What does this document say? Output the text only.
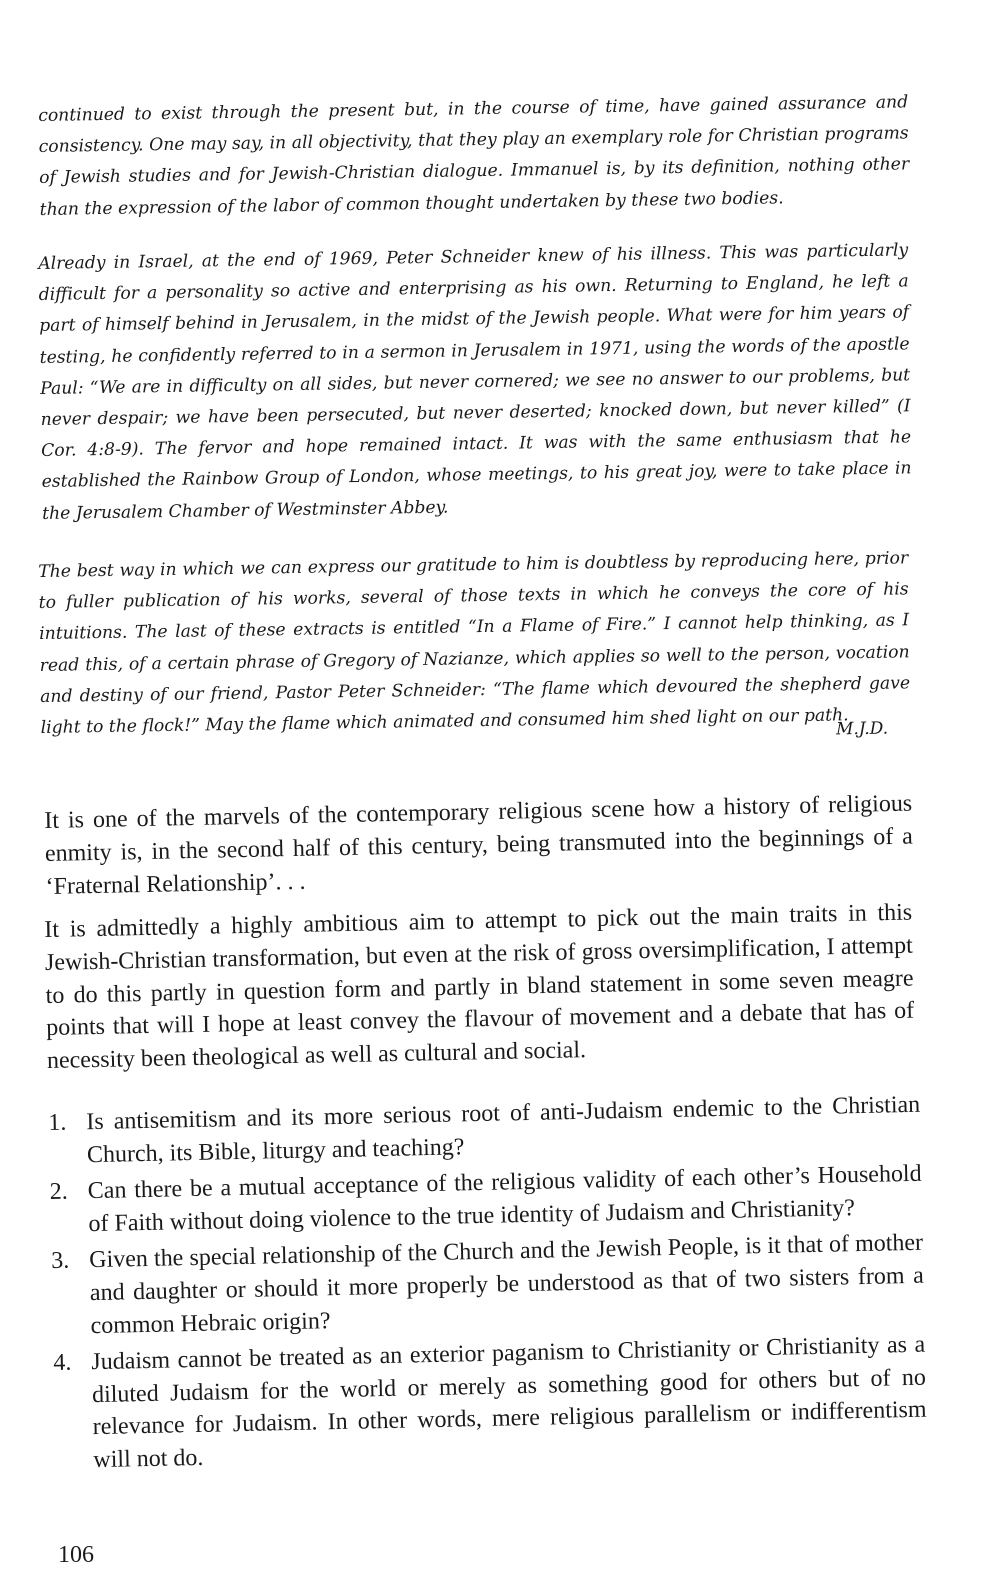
continued to exist through the present but, in the course of time, have gained assurance and consistency. One may say, in all objectivity, that they play an exemplary role for Christian programs of Jewish studies and for Jewish-Christian dialogue. Immanuel is, by its definition, nothing other than the expression of the labor of common thought undertaken by these two bodies.

Already in Israel, at the end of 1969, Peter Schneider knew of his illness. This was particularly difficult for a personality so active and enterprising as his own. Returning to England, he left a part of himself behind in Jerusalem, in the midst of the Jewish people. What were for him years of testing, he confidently referred to in a sermon in Jerusalem in 1971, using the words of the apostle Paul: “We are in difficulty on all sides, but never cornered; we see no answer to our problems, but never despair; we have been persecuted, but never deserted; knocked down, but never killed” (I Cor. 4:8-9). The fervor and hope remained intact. It was with the same enthusiasm that he established the Rainbow Group of London, whose meetings, to his great joy, were to take place in the Jerusalem Chamber of Westminster Abbey.

The best way in which we can express our gratitude to him is doubtless by reproducing here, prior to fuller publication of his works, several of those texts in which he conveys the core of his intuitions. The last of these extracts is entitled “In a Flame of Fire.” I cannot help thinking, as I read this, of a certain phrase of Gregory of Nazianze, which applies so well to the person, vocation and destiny of our friend, Pastor Peter Schneider: “The flame which devoured the shepherd gave light to the flock!” May the flame which animated and consumed him shed light on our path.

M.J.D.

It is one of the marvels of the contemporary religious scene how a history of religious enmity is, in the second half of this century, being transmuted into the beginnings of a ‘Fraternal Relationship’. . .

It is admittedly a highly ambitious aim to attempt to pick out the main traits in this Jewish-Christian transformation, but even at the risk of gross oversimplification, I attempt to do this partly in question form and partly in bland statement in some seven meagre points that will I hope at least convey the flavour of movement and a debate that has of necessity been theological as well as cultural and social.

1. Is antisemitism and its more serious root of anti-Judaism endemic to the Christian Church, its Bible, liturgy and teaching?
2. Can there be a mutual acceptance of the religious validity of each other’s Household of Faith without doing violence to the true identity of Judaism and Christianity?
3. Given the special relationship of the Church and the Jewish People, is it that of mother and daughter or should it more properly be understood as that of two sisters from a common Hebraic origin?
4. Judaism cannot be treated as an exterior paganism to Christianity or Christianity as a diluted Judaism for the world or merely as something good for others but of no relevance for Judaism. In other words, mere religious parallelism or indifferentism will not do.
106
